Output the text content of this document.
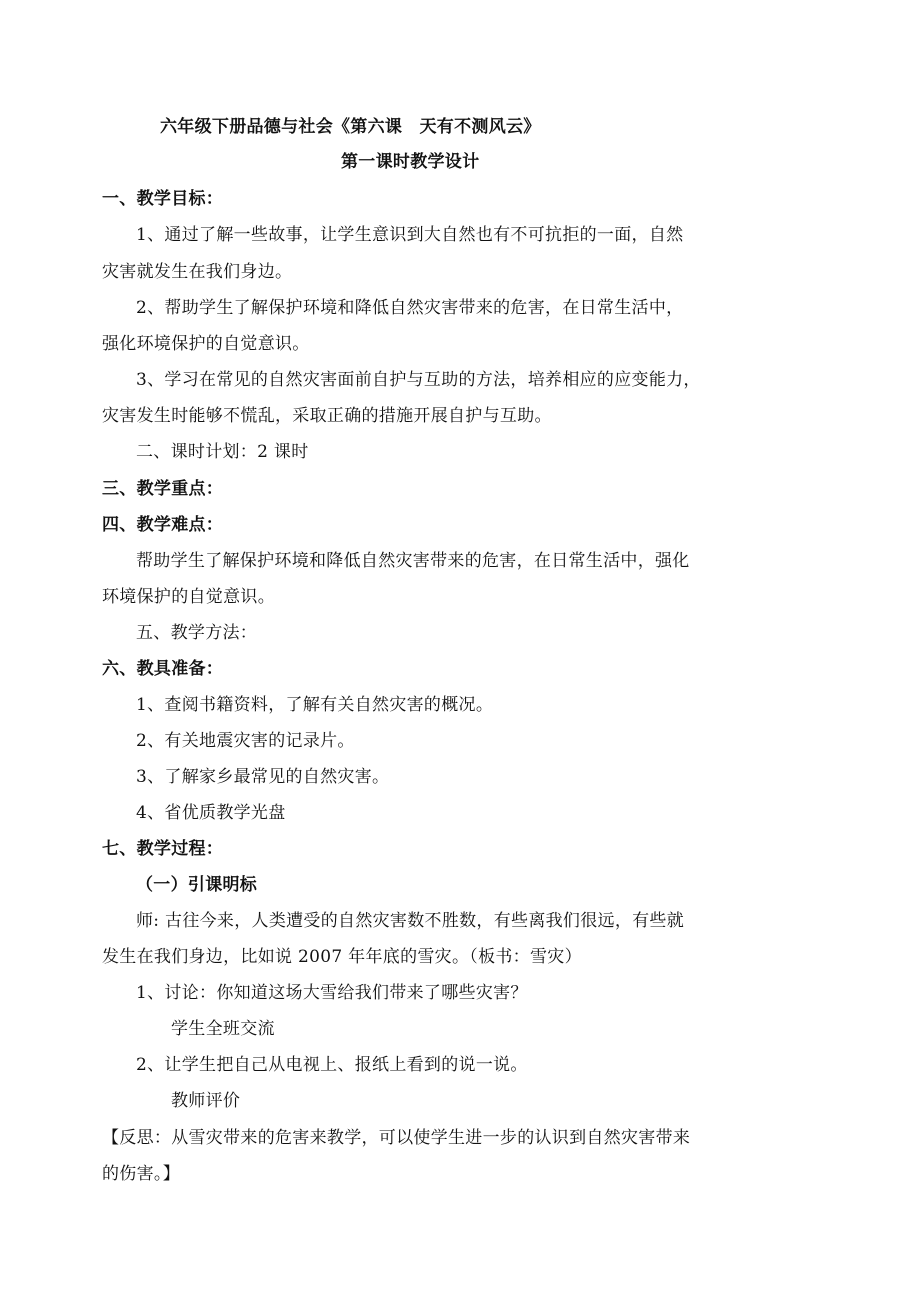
六年级下册品德与社会《第六课　天有不测风云》
第一课时教学设计
一、教学目标：
1、通过了解一些故事，让学生意识到大自然也有不可抗拒的一面，自然
灾害就发生在我们身边。
2、帮助学生了解保护环境和降低自然灾害带来的危害，在日常生活中，
强化环境保护的自觉意识。
3、学习在常见的自然灾害面前自护与互助的方法，培养相应的应变能力，
灾害发生时能够不慌乱，采取正确的措施开展自护与互助。
二、课时计划：2 课时
三、教学重点：
四、教学难点：
帮助学生了解保护环境和降低自然灾害带来的危害，在日常生活中，强化
环境保护的自觉意识。
五、教学方法：
六、教具准备：
1、查阅书籍资料，了解有关自然灾害的概况。
2、有关地震灾害的记录片。
3、了解家乡最常见的自然灾害。
4、省优质教学光盘
七、教学过程：
（一）引课明标
师: 古往今来，人类遭受的自然灾害数不胜数，有些离我们很远，有些就
发生在我们身边，比如说 2007 年年底的雪灾。（板书：雪灾）
1、讨论：你知道这场大雪给我们带来了哪些灾害？
学生全班交流
2、让学生把自己从电视上、报纸上看到的说一说。
教师评价
【反思：从雪灾带来的危害来教学，可以使学生进一步的认识到自然灾害带来
的伤害。】
